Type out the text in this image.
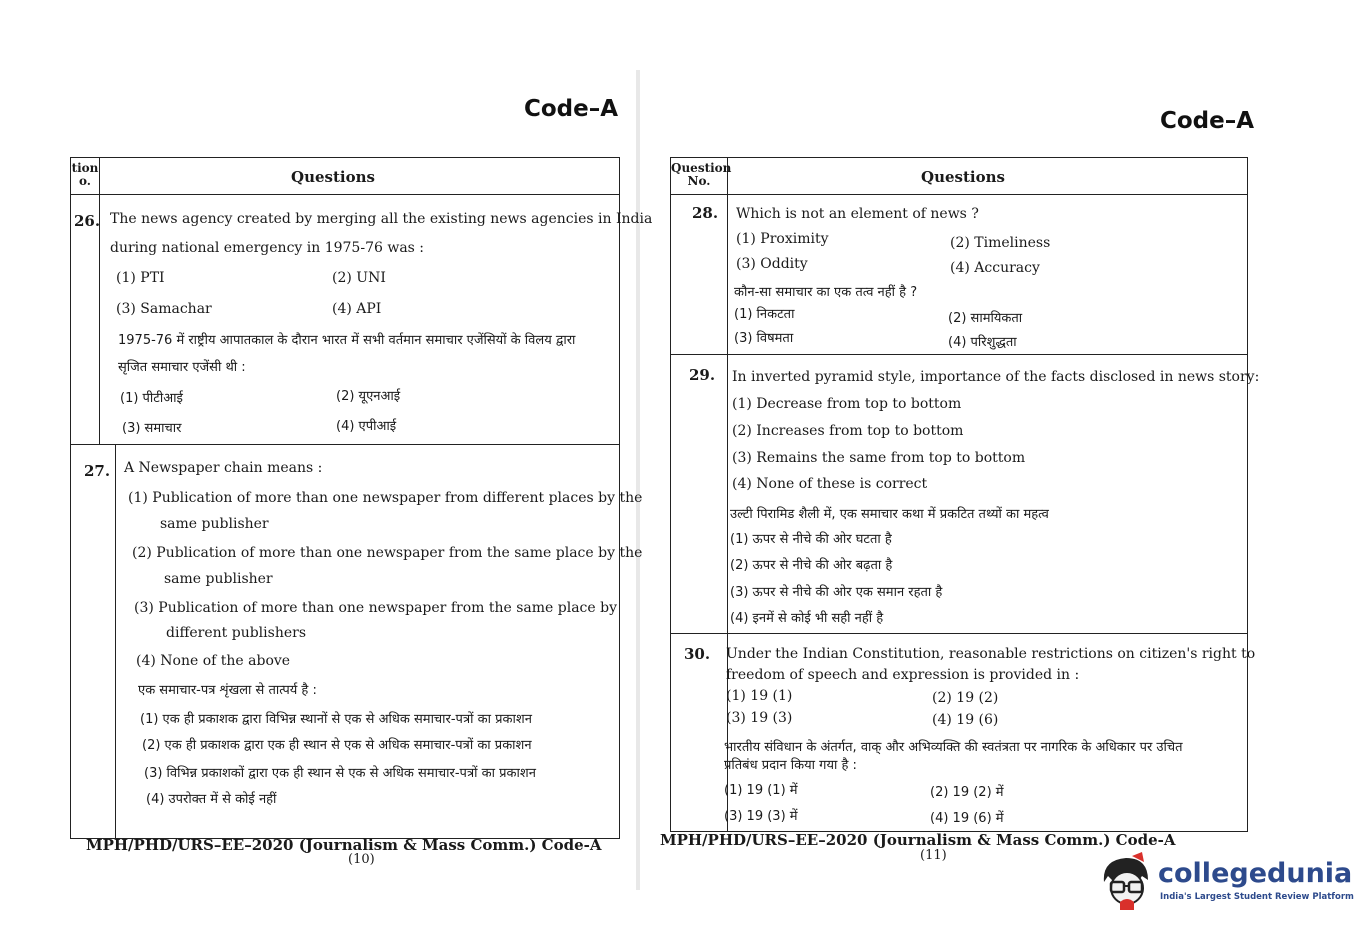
Code–A
tion
o.	Questions
26. The news agency created by merging all the existing news agencies in India
during national emergency in 1975-76 was :
(1) PTI	(2) UNI
(3) Samachar	(4) API
1975-76 में राष्ट्रीय आपातकाल के दौरान भारत में सभी वर्तमान समाचार एजेंसियों के विलय द्वारा
सृजित समाचार एजेंसी थी :
(1) पीटीआई	(2) यूएनआई
(3) समाचार	(4) एपीआई
27. A Newspaper chain means :
(1) Publication of more than one newspaper from different places by the
same publisher
(2) Publication of more than one newspaper from the same place by the
same publisher
(3) Publication of more than one newspaper from the same place by
different publishers
(4) None of the above
एक समाचार-पत्र शृंखला से तात्पर्य है :
(1) एक ही प्रकाशक द्वारा विभिन्न स्थानों से एक से अधिक समाचार-पत्रों का प्रकाशन
(2) एक ही प्रकाशक द्वारा एक ही स्थान से एक से अधिक समाचार-पत्रों का प्रकाशन
(3) विभिन्न प्रकाशकों द्वारा एक ही स्थान से एक से अधिक समाचार-पत्रों का प्रकाशन
(4) उपरोक्त में से कोई नहीं
MPH/PHD/URS–EE–2020 (Journalism & Mass Comm.) Code-A
(10)
Code–A
Question
No.	Questions
28. Which is not an element of news ?
(1) Proximity	(2) Timeliness
(3) Oddity	(4) Accuracy
कौन-सा समाचार का एक तत्व नहीं है ?
(1) निकटता	(2) सामयिकता
(3) विषमता	(4) परिशुद्धता
29. In inverted pyramid style, importance of the facts disclosed in news story:
(1) Decrease from top to bottom
(2) Increases from top to bottom
(3) Remains the same from top to bottom
(4) None of these is correct
उल्टी पिरामिड शैली में, एक समाचार कथा में प्रकटित तथ्यों का महत्व
(1) ऊपर से नीचे की ओर घटता है
(2) ऊपर से नीचे की ओर बढ़ता है
(3) ऊपर से नीचे की ओर एक समान रहता है
(4) इनमें से कोई भी सही नहीं है
30. Under the Indian Constitution, reasonable restrictions on citizen's right to
freedom of speech and expression is provided in :
(1) 19 (1)	(2) 19 (2)
(3) 19 (3)	(4) 19 (6)
भारतीय संविधान के अंतर्गत, वाक् और अभिव्यक्ति की स्वतंत्रता पर नागरिक के अधिकार पर उचित
प्रतिबंध प्रदान किया गया है :
(1) 19 (1) में	(2) 19 (2) में
(3) 19 (3) में	(4) 19 (6) में
MPH/PHD/URS–EE–2020 (Journalism & Mass Comm.) Code-A
(11)
collegedunia
India's Largest Student Review Platform
